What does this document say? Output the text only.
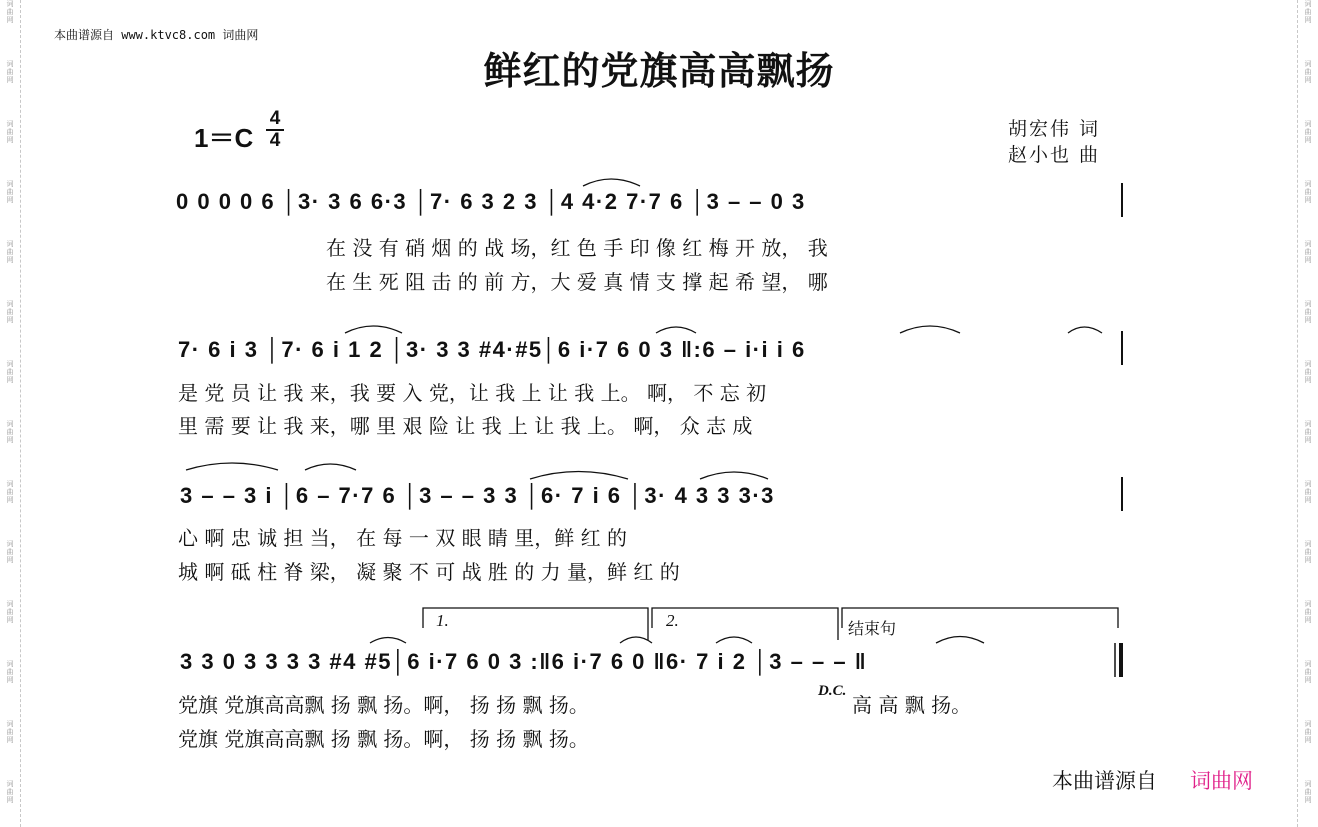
词
曲
网
词
曲
网
词
曲
网
词
曲
网
词
曲
网
词
曲
网
词
曲
网
词
曲
网
词
曲
网
词
曲
网
词
曲
网
词
曲
网
词
曲
网
词
曲
网
词
曲
网
词
曲
网
词
曲
网
词
曲
网
词
曲
网
词
曲
网
词
曲
网
词
曲
网
词
曲
网
词
曲
网
词
曲
网
词
曲
网
词
曲
网
词
曲
网
本曲谱源自 www.ktvc8.com 词曲网
鲜红的党旗高高飘扬
1＝C
4
4
胡宏伟 词
赵小也 曲
0 0 0 0 6 │3· 3 6 6·3 │7· 6 3 2 3 │4 4·2 7·7 6 │3 – – 0 3
在 没 有 硝 烟 的 战 场，红 色 手 印 像 红 梅 开 放， 我
在 生 死 阻 击 的 前 方，大 爱 真 情 支 撑 起 希 望， 哪
7· 6 i 3 │7· 6 i 1 2 │3· 3 3 #4·#5│6 i·7 6 0 3 ‖:6 – i·i i 6
是 党 员 让 我 来，我 要 入 党，让 我 上 让 我 上。 啊， 不 忘 初
里 需 要 让 我 来，哪 里 艰 险 让 我 上 让 我 上。 啊， 众 志 成
3 – – 3 i │6 – 7·7 6 │3 – – 3 3 │6· 7 i 6 │3· 4 3 3 3·3
心 啊 忠 诚 担 当， 在 每 一 双 眼 睛 里，鲜 红 的
城 啊 砥 柱 脊 梁， 凝 聚 不 可 战 胜 的 力 量，鲜 红 的
1.	2.	结束句
3 3 0 3 3 3 3 #4 #5│6 i·7 6 0 3 :‖6 i·7 6 0 ‖6· 7 i 2 │3 – – – ‖
党旗 党旗高高飘 扬 飘 扬。啊， 扬 扬 飘 扬。
D.C.
高 高 飘 扬。
党旗 党旗高高飘 扬 飘 扬。啊， 扬 扬 飘 扬。
本曲谱源自 词曲网
